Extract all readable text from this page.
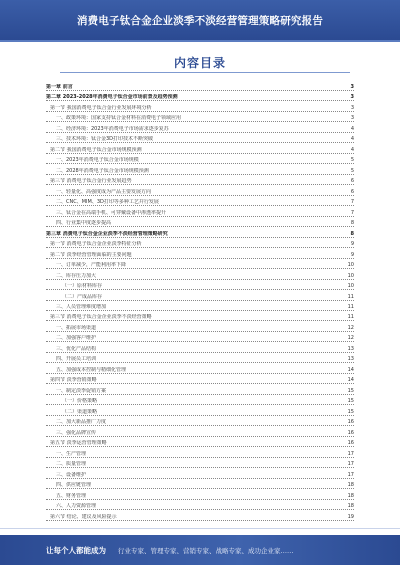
消费电子钛合金企业淡季不淡经营管理策略研究报告
内容目录
第一章 前言	3
第二章 2023-2028年消费电子钛合金市场前景及趋势预测	3
第一节 我国消费电子钛合金行业发展环境分析	3
一、政策环境：国家支持钛合金材料在消费电子领域应用	3
二、经济环境：2023年消费电子市场需求逐步复苏	4
三、技术环境：钛合金3D打印技术不断突破	4
第二节 我国消费电子钛合金市场规模预测	4
一、2023年消费电子钛合金市场规模	5
二、2028年消费电子钛合金市场规模预测	5
第三节 消费电子钛合金行业发展趋势	6
一、轻量化、高强度成为产品主要发展方向	6
二、CNC、MIM、3D打印等多种工艺并行发展	7
三、钛合金在高端手机、可穿戴设备中渗透率提升	7
四、行业集中度逐步提高	8
第三章 消费电子钛合金企业淡季不淡经营管理策略研究	8
第一节 消费电子钛合金企业淡季特征分析	9
第二节 淡季经营管理面临的主要问题	9
一、订单减少，产能利用率下降	10
二、库存压力加大	10
（一）原材料库存	10
（二）产成品库存	11
三、人员管理难度增加	11
第三节 消费电子钛合金企业淡季不淡经营策略	11
一、拓展市场渠道	12
二、加强客户维护	12
三、优化产品结构	13
四、开展员工培训	13
五、加强成本控制与精细化管理	14
第四节 淡季营销策略	14
一、制定淡季促销方案	15
（一）价格策略	15
（二）渠道策略	15
二、加大新品推广力度	16
三、强化品牌宣传	16
第五节 淡季运营管理策略	16
一、生产管理	17
二、质量管理	17
三、设备维护	17
四、供应链管理	18
五、财务管理	18
六、人力资源管理	18
第六节 结论、建议及风险提示	19
让每个人都能成为	行业专家、管理专家、营销专家、战略专家、成功企业家……
